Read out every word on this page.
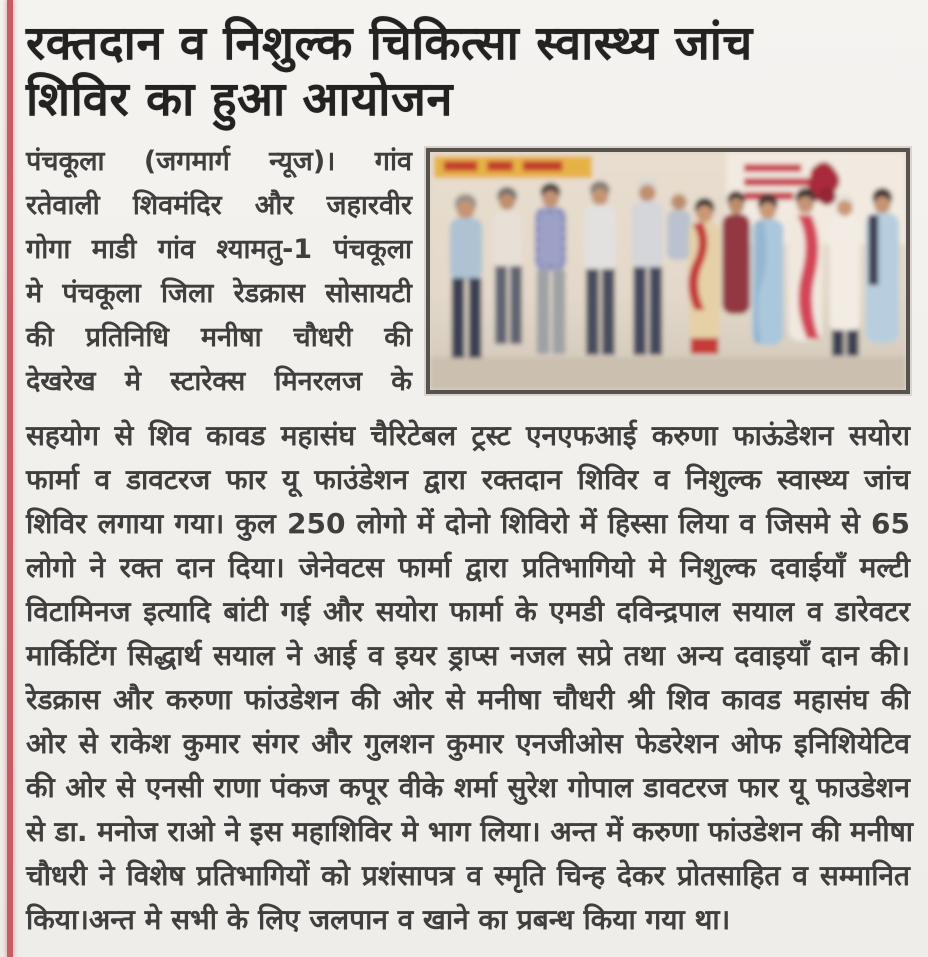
रक्तदान व निशुल्क चिकित्सा स्वास्थ्य जांच
शिविर का हुआ आयोजन
पंचकूला (जगमार्ग न्यूज)। गांव
रतेवाली शिवमंदिर और जहारवीर
गोगा माडी गांव श्यामतु-1 पंचकूला
मे पंचकूला जिला रेडक्रास सोसायटी
की प्रतिनिधि मनीषा चौधरी की
देखरेख मे स्टारेक्स मिनरलज के
सहयोग से शिव कावड महासंघ चैरिटेबल ट्रस्ट एनएफआई करुणा फाऊंडेशन सयोरा
फार्मा व डावटरज फार यू फाउंडेशन द्वारा रक्तदान शिविर व निशुल्क स्वास्थ्य जांच
शिविर लगाया गया। कुल 250 लोगो में दोनो शिविरो में हिस्सा लिया व जिसमे से 65
लोगो ने रक्त दान दिया। जेनेवटस फार्मा द्वारा प्रतिभागियो मे निशुल्क दवाईयाँ मल्टी
विटामिनज इत्यादि बांटी गई और सयोरा फार्मा के एमडी दविन्द्रपाल सयाल व डारेवटर
मार्किटिंग सिद्धार्थ सयाल ने आई व इयर ड्राप्स नजल सप्रे तथा अन्य दवाइयाँ दान की।
रेडक्रास और करुणा फांउडेशन की ओर से मनीषा चौधरी श्री शिव कावड महासंघ की
ओर से राकेश कुमार संगर और गुलशन कुमार एनजीओस फेडरेशन ओफ इनिशियेटिव
की ओर से एनसी राणा पंकज कपूर वीके शर्मा सुरेश गोपाल डावटरज फार यू फाउडेशन
से डा. मनोज राओ ने इस महाशिविर मे भाग लिया। अन्त में करुणा फांउडेशन की मनीषा
चौधरी ने विशेष प्रतिभागियों को प्रशंसापत्र व स्मृति चिन्ह देकर प्रोतसाहित व सम्मानित
किया।अन्त मे सभी के लिए जलपान व खाने का प्रबन्ध किया गया था।
